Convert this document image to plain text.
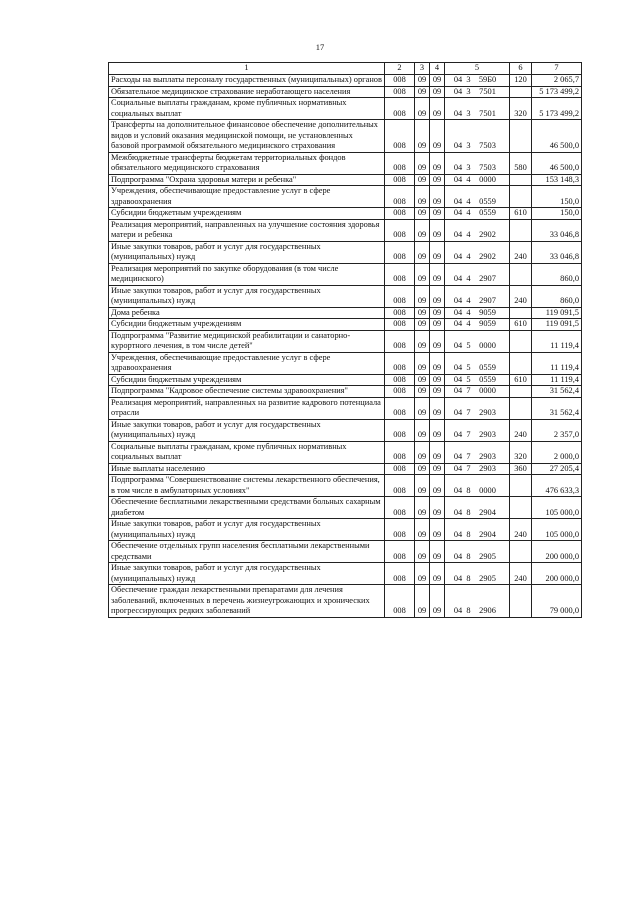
17
1	2	3	4	5	6	7
Расходы на выплаты персоналу государственных (муниципальных) органов	008	09	09	04 3 59Б0	120	2 065,7
Обязательное медицинское страхование неработающего населения	008	09	09	04 3 7501		5 173 499,2
Социальные выплаты гражданам, кроме публичных нормативных социальных выплат	008	09	09	04 3 7501	320	5 173 499,2
Трансферты на дополнительное финансовое обеспечение дополнительных видов и условий оказания медицинской помощи, не установленных базовой программой обязательного медицинского страхования	008	09	09	04 3 7503		46 500,0
Межбюджетные трансферты бюджетам территориальных фондов обязательного медицинского страхования	008	09	09	04 3 7503	580	46 500,0
Подпрограмма "Охрана здоровья матери и ребенка"	008	09	09	04 4 0000		153 148,3
Учреждения, обеспечивающие предоставление услуг в сфере здравоохранения	008	09	09	04 4 0559		150,0
Субсидии бюджетным учреждениям	008	09	09	04 4 0559	610	150,0
Реализация мероприятий, направленных на улучшение состояния здоровья матери и ребенка	008	09	09	04 4 2902		33 046,8
Иные закупки товаров, работ и услуг для государственных (муниципальных) нужд	008	09	09	04 4 2902	240	33 046,8
Реализация мероприятий по закупке оборудования (в том числе медицинского)	008	09	09	04 4 2907		860,0
Иные закупки товаров, работ и услуг для государственных (муниципальных) нужд	008	09	09	04 4 2907	240	860,0
Дома ребенка	008	09	09	04 4 9059		119 091,5
Субсидии бюджетным учреждениям	008	09	09	04 4 9059	610	119 091,5
Подпрограмма "Развитие медицинской реабилитации и санаторно-курортного лечения, в том числе детей"	008	09	09	04 5 0000		11 119,4
Учреждения, обеспечивающие предоставление услуг в сфере здравоохранения	008	09	09	04 5 0559		11 119,4
Субсидии бюджетным учреждениям	008	09	09	04 5 0559	610	11 119,4
Подпрограмма "Кадровое обеспечение системы здравоохранения"	008	09	09	04 7 0000		31 562,4
Реализация мероприятий, направленных на развитие кадрового потенциала отрасли	008	09	09	04 7 2903		31 562,4
Иные закупки товаров, работ и услуг для государственных (муниципальных) нужд	008	09	09	04 7 2903	240	2 357,0
Социальные выплаты гражданам, кроме публичных нормативных социальных выплат	008	09	09	04 7 2903	320	2 000,0
Иные выплаты населению	008	09	09	04 7 2903	360	27 205,4
Подпрограмма "Совершенствование системы лекарственного обеспечения, в том числе в амбулаторных условиях"	008	09	09	04 8 0000		476 633,3
Обеспечение бесплатными лекарственными средствами больных сахарным диабетом	008	09	09	04 8 2904		105 000,0
Иные закупки товаров, работ и услуг для государственных (муниципальных) нужд	008	09	09	04 8 2904	240	105 000,0
Обеспечение отдельных групп населения бесплатными лекарственными средствами	008	09	09	04 8 2905		200 000,0
Иные закупки товаров, работ и услуг для государственных (муниципальных) нужд	008	09	09	04 8 2905	240	200 000,0
Обеспечение граждан лекарственными препаратами для лечения заболеваний, включенных в перечень жизнеугрожающих и хронических прогрессирующих редких заболеваний	008	09	09	04 8 2906		79 000,0
